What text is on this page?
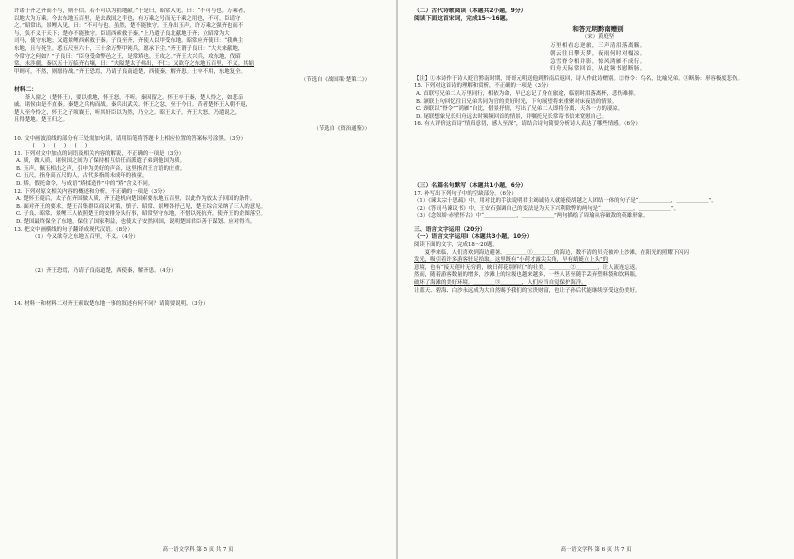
许诺于齐之齐而不与，则不信。若不可以为捐地献。”于是曰，昭常入见，曰：“不可与也。万乘者，

以地大为万乘。今去东地五百里，是去战国之半也，有万乘之号而无千乘之用也，不可。臣请守

之。”昭常出，景鲤入见，曰：“不可与也。虽然，楚不能独守。王身出玉声，许万乘之强齐也而不

与，负不义于天下；楚亦不能独守。臣请西索救于秦。”上乃遣子良北献地于齐；立昭常为大

司马，使守东地；又遣景鲤西索救于秦。子良至齐，齐使人以甲受东地。昭常应齐使曰：“我典主

东地，且与死生。悉五尺至六十，三十余万弊甲钝兵，愿承下尘。”齐王谓子良曰：“大夫来献地，

今常守之何如？”子良曰：“臣身受命弊邑之王，是常矫也。王攻之。”齐王大兴兵，攻东地，伐昭

常。未涉疆，秦以五十万临齐右壤，曰：“夫隘楚太子弗出，不仁；又欲夺之东地五百里，不义。其缩

甲则可，不然，则愿待战。”齐王恐焉，乃请子良南道楚，西使秦，解齐患。士卒不用，东地复全。

（节选自《战国策·楚策二》）

材料二：

荼人窗之（楚怀王），要以重地，怀王怒，不听。秦因留之。怀王卒于秦，楚人怜之，如悲亲

戚。诸侯由是不直秦。秦楚之兵构而战。秦兵出武关、怀王之忿，至于今日。昔者楚怀王入朝不返，

楚人至今怜之，怀王之子顷襄王，听其奸臣以为然，乃立之。昭王太子，齐王大怒，乃遣说之，

且得楚地。楚王归之。

（节选自《资治通鉴》）

10. 文中画波浪线的部分有三处需加句读，请用铅笔将答题卡上相应位置的答案标号涂黑。（3分）

( ) ( ) ( )

11. 下列对文中加点的词语及相关内容的解说，不正确的一项是（3分）

A. 质，做人质，诸侯国之间为了保持相互信任而派遣子弟到他国为质。

B. 玉声，佩玉相击之声，引申为美好的声音，这里指君王言语的庄重。

C. 五尺，指身高五尺的人，古代多指尚未成年的孩童。

D. 矫，假托命令，与成语“矫揉造作”中的“矫”含义不同。

12. 下列对原文相关内容的概述和分析，不正确的一项是（3分）

A. 楚怀王薨后，太子在齐国做人质，齐王趁机向楚国索要东地五百里，以此作为放太子回国的条件。

B. 面对齐王的要求，楚王召集群臣商议对策，慎子、昭常、景鲤各抒己见，楚王综合采纳了三人的意见。

C. 子良、昭常、景鲤三人依照楚王的安排分头行事，昭常坚守东地，不惜以死抗齐，使齐王的企图落空。

D. 楚国最终保全了东地，保住了国家利益，也使太子安然回国，说明楚国君臣善于谋划、应对得当。

13. 把文中画横线的句子翻译成现代汉语。（8分）

（1）今又欲夺之东地五百里，不义。（4分）

（2）齐王恐焉，乃请子良南道楚，西使秦，解齐患。（4分）

14. 材料一和材料二对齐王索取楚东地一事的叙述有何不同？请简要说明。（3分）

高一语文学科 第 5 页 共 7 页

（二）古代诗歌阅读（本题共2小题，9分）

阅读下面这首宋词，完成15～16题。

和答元明黔南赠别

（宋）黄庭坚

万里相看忘逆旅，三声清泪落离觞。

朝云往日攀天梦，夜雨何时对榻凉。

急雪脊令相并影，惊风鸿雁不成行。

归舟天际常回首，从此频书慰断肠。

【注】①本诗作于诗人贬官黔南时期，哥哥元明送他到黔南后返回，诗人作此诗赠别。②脊令：鸟名，比喻兄弟。③断肠：形容极度悲伤。

15. 下列对这首诗的理解和赏析，不正确的一项是（3分）

A. 首联写兄弟二人万里同行，相依为命，早已忘记了身在旅途，临别时泪落离杯，悲伤难抑。

B. 颔联上句回忆往日兄弟共同为官的美好时光，下句展望将来重聚对床夜语的情景。

C. 颈联以“脊令”“鸿雁”自比，借景抒情，写出了兄弟二人即将分离、天各一方的凄凉。

D. 尾联想象兄长归舟远去时频频回首的情景，并嘱托兄长常寄书信来宽慰自己。

16. 有人评价这首诗“情真意切，感人至深”，请结合诗句简要分析诗人表达了哪些情感。（6分）

（三）名篇名句默写（本题共1小题，6分）

17. 补写出下列句子中的空缺部分。（6分）

（1）《谏太宗十思疏》中，用对比的手法说明君主竭诚待人就能使胡越之人团结一体的句子是“＿＿＿＿＿＿，＿＿＿＿＿＿”。

（2）《答司马谏议书》中，王安石强调自己的变法是为天下兴利除弊的两句是“＿＿＿＿＿＿，＿＿＿＿＿＿”。

（3）《念奴娇·赤壁怀古》中“＿＿＿＿＿＿，＿＿＿＿＿＿”两句描绘了周瑜从容破敌的英雄形象。

三、语言文字运用（20分）

（一）语言文字运用Ⅰ（本题共3小题，10分）

阅读下面的文字，完成18～20题。

夏季来临，人们喜欢到海边避暑。＿＿＿＿①＿＿＿＿的海边，数不清的贝壳被冲上沙滩，在阳光的照耀下闪闪

发光，吸引着许多游客驻足拾取。这里既有“小荷才露尖尖角，早有蜻蜓立上头”的

意境，也有“接天莲叶无穷碧，映日荷花别样红”的壮美。＿＿＿＿②＿＿＿＿，让人流连忘返。

然而，随着游客数量的增多，沙滩上的垃圾也越来越多，一些人甚至随手丢弃塑料袋和饮料瓶，

破坏了海滩的美好环境。＿＿＿＿③＿＿＿＿，人们应当自觉保护海洋，

让蓝天、碧海、白沙永远成为大自然赐予我们的宝贵财富，也让子孙后代能继续享受这份美好。

高一语文学科 第 6 页 共 7 页
